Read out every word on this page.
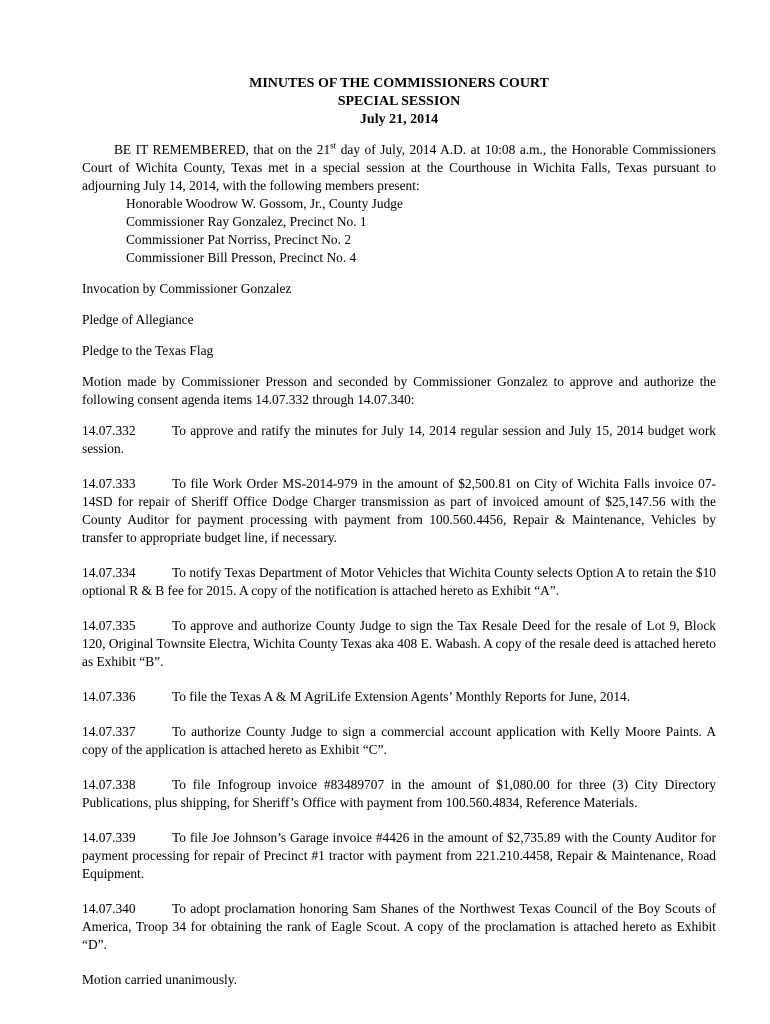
MINUTES OF THE COMMISSIONERS COURT
SPECIAL SESSION
July 21, 2014

BE IT REMEMBERED, that on the 21st day of July, 2014 A.D. at 10:08 a.m., the Honorable Commissioners Court of Wichita County, Texas met in a special session at the Courthouse in Wichita Falls, Texas pursuant to adjourning July 14, 2014, with the following members present:

Honorable Woodrow W. Gossom, Jr., County Judge
Commissioner Ray Gonzalez, Precinct No. 1
Commissioner Pat Norriss, Precinct No. 2
Commissioner Bill Presson, Precinct No. 4

Invocation by Commissioner Gonzalez

Pledge of Allegiance

Pledge to the Texas Flag

Motion made by Commissioner Presson and seconded by Commissioner Gonzalez to approve and authorize the following consent agenda items 14.07.332 through 14.07.340:

14.07.332	To approve and ratify the minutes for July 14, 2014 regular session and July 15, 2014 budget work session.

14.07.333	To file Work Order MS-2014-979 in the amount of $2,500.81 on City of Wichita Falls invoice 07-14SD for repair of Sheriff Office Dodge Charger transmission as part of invoiced amount of $25,147.56 with the County Auditor for payment processing with payment from 100.560.4456, Repair & Maintenance, Vehicles by transfer to appropriate budget line, if necessary.

14.07.334	To notify Texas Department of Motor Vehicles that Wichita County selects Option A to retain the $10 optional R & B fee for 2015. A copy of the notification is attached hereto as Exhibit “A”.

14.07.335	To approve and authorize County Judge to sign the Tax Resale Deed for the resale of Lot 9, Block 120, Original Townsite Electra, Wichita County Texas aka 408 E. Wabash. A copy of the resale deed is attached hereto as Exhibit “B”.

14.07.336	To file the Texas A & M AgriLife Extension Agents’ Monthly Reports for June, 2014.

14.07.337	To authorize County Judge to sign a commercial account application with Kelly Moore Paints. A copy of the application is attached hereto as Exhibit “C”.

14.07.338	To file Infogroup invoice #83489707 in the amount of $1,080.00 for three (3) City Directory Publications, plus shipping, for Sheriff’s Office with payment from 100.560.4834, Reference Materials.

14.07.339	To file Joe Johnson’s Garage invoice #4426 in the amount of $2,735.89 with the County Auditor for payment processing for repair of Precinct #1 tractor with payment from 221.210.4458, Repair & Maintenance, Road Equipment.

14.07.340	To adopt proclamation honoring Sam Shanes of the Northwest Texas Council of the Boy Scouts of America, Troop 34 for obtaining the rank of Eagle Scout. A copy of the proclamation is attached hereto as Exhibit “D”.

Motion carried unanimously.
